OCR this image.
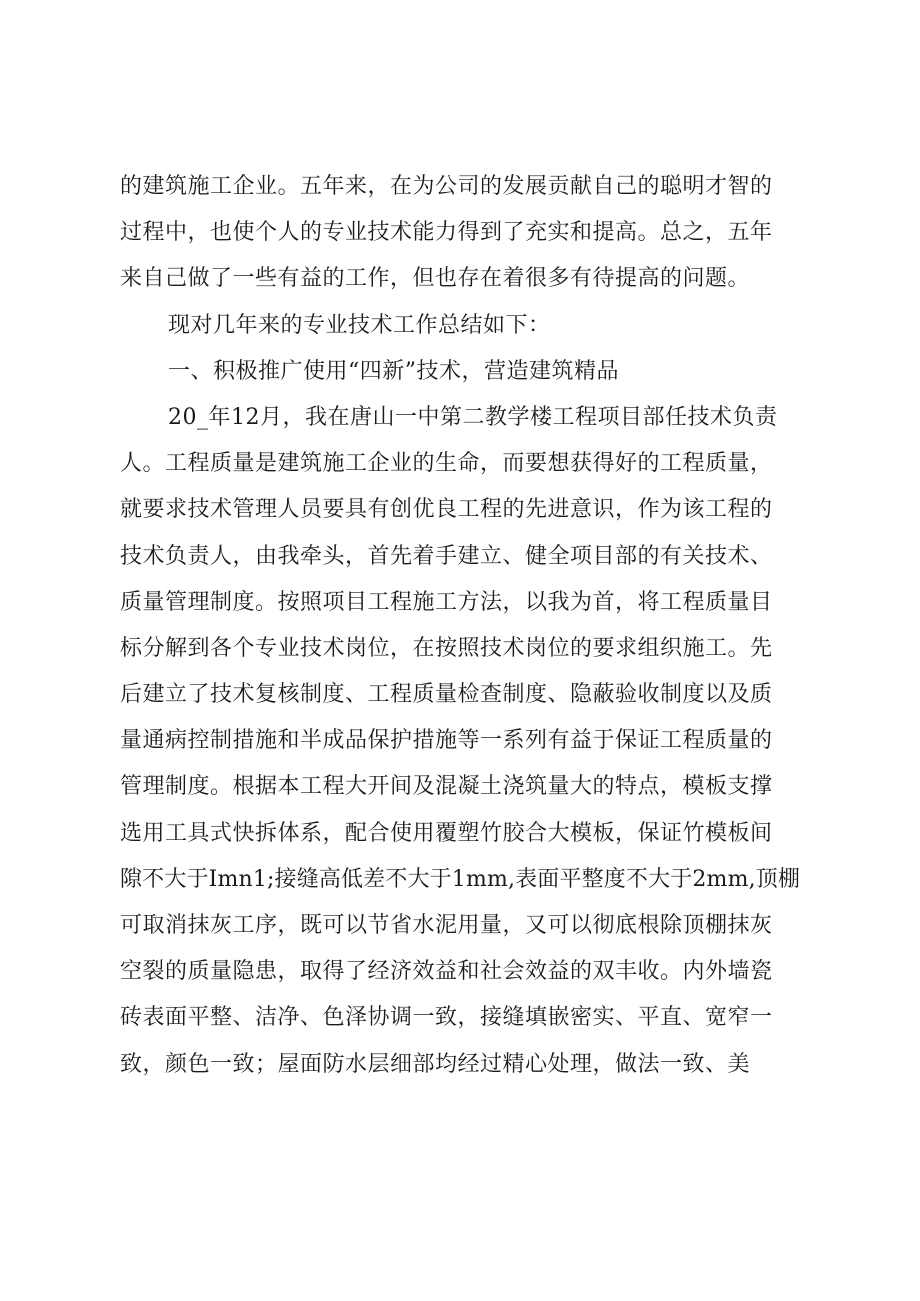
的建筑施工企业。五年来，在为公司的发展贡献自己的聪明才智的
过程中，也使个人的专业技术能力得到了充实和提高。总之，五年
来自己做了一些有益的工作，但也存在着很多有待提高的问题。
现对几年来的专业技术工作总结如下：
一、积极推广使用“四新”技术，营造建筑精品
20_年12月，我在唐山一中第二教学楼工程项目部任技术负责
人。工程质量是建筑施工企业的生命，而要想获得好的工程质量，
就要求技术管理人员要具有创优良工程的先进意识，作为该工程的
技术负责人，由我牵头，首先着手建立、健全项目部的有关技术、
质量管理制度。按照项目工程施工方法，以我为首，将工程质量目
标分解到各个专业技术岗位，在按照技术岗位的要求组织施工。先
后建立了技术复核制度、工程质量检查制度、隐蔽验收制度以及质
量通病控制措施和半成品保护措施等一系列有益于保证工程质量的
管理制度。根据本工程大开间及混凝土浇筑量大的特点，模板支撑
选用工具式快拆体系，配合使用覆塑竹胶合大模板，保证竹模板间
隙不大于Imn1;接缝高低差不大于1mm,表面平整度不大于2mm,顶棚
可取消抹灰工序，既可以节省水泥用量，又可以彻底根除顶棚抹灰
空裂的质量隐患，取得了经济效益和社会效益的双丰收。内外墙瓷
砖表面平整、洁净、色泽协调一致，接缝填嵌密实、平直、宽窄一
致，颜色一致；屋面防水层细部均经过精心处理，做法一致、美
